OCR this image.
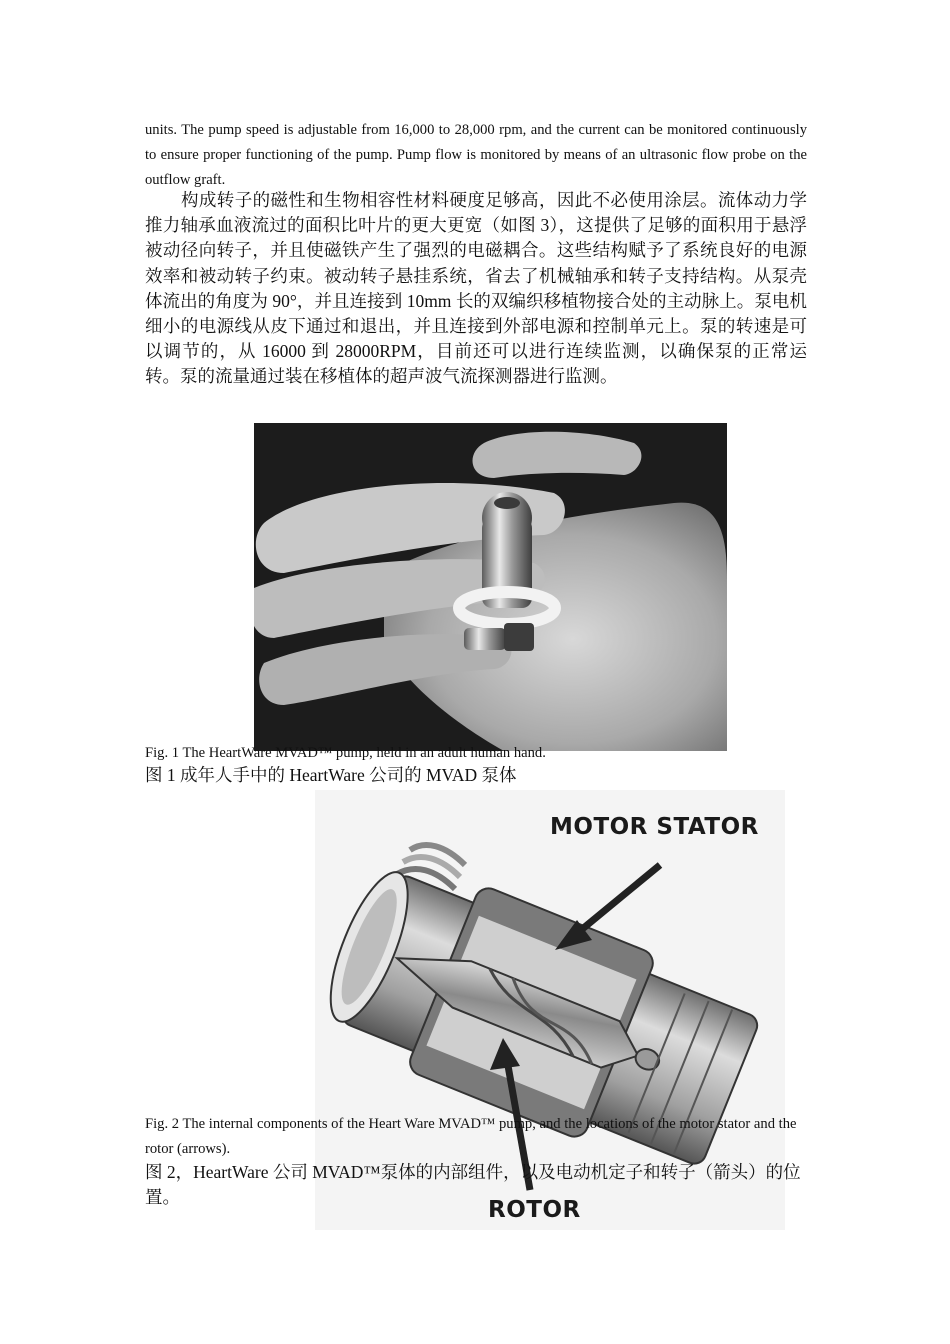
units. The pump speed is adjustable from 16,000 to 28,000 rpm, and the current can be monitored continuously to ensure proper functioning of the pump. Pump flow is monitored by means of an ultrasonic flow probe on the outflow graft.

构成转子的磁性和生物相容性材料硬度足够高，因此不必使用涂层。流体动力学推力轴承血液流过的面积比叶片的更大更宽（如图 3），这提供了足够的面积用于悬浮被动径向转子，并且使磁铁产生了强烈的电磁耦合。这些结构赋予了系统良好的电源效率和被动转子约束。被动转子悬挂系统，省去了机械轴承和转子支持结构。从泵壳体流出的角度为 90°，并且连接到 10mm 长的双编织移植物接合处的主动脉上。泵电机细小的电源线从皮下通过和退出，并且连接到外部电源和控制单元上。泵的转速是可以调节的，从 16000 到 28000RPM，目前还可以进行连续监测，以确保泵的正常运转。泵的流量通过装在移植体的超声波气流探测器进行监测。

Fig. 1 The HeartWare MVAD™ pump, held in an adult human hand.

图 1 成年人手中的 HeartWare 公司的 MVAD 泵体

MOTOR STATOR
ROTOR

Fig. 2 The internal components of the Heart Ware MVAD™ pump, and the locations of the motor stator and the rotor (arrows).

图 2，HeartWare 公司 MVAD™泵体的内部组件，以及电动机定子和转子（箭头）的位置。
